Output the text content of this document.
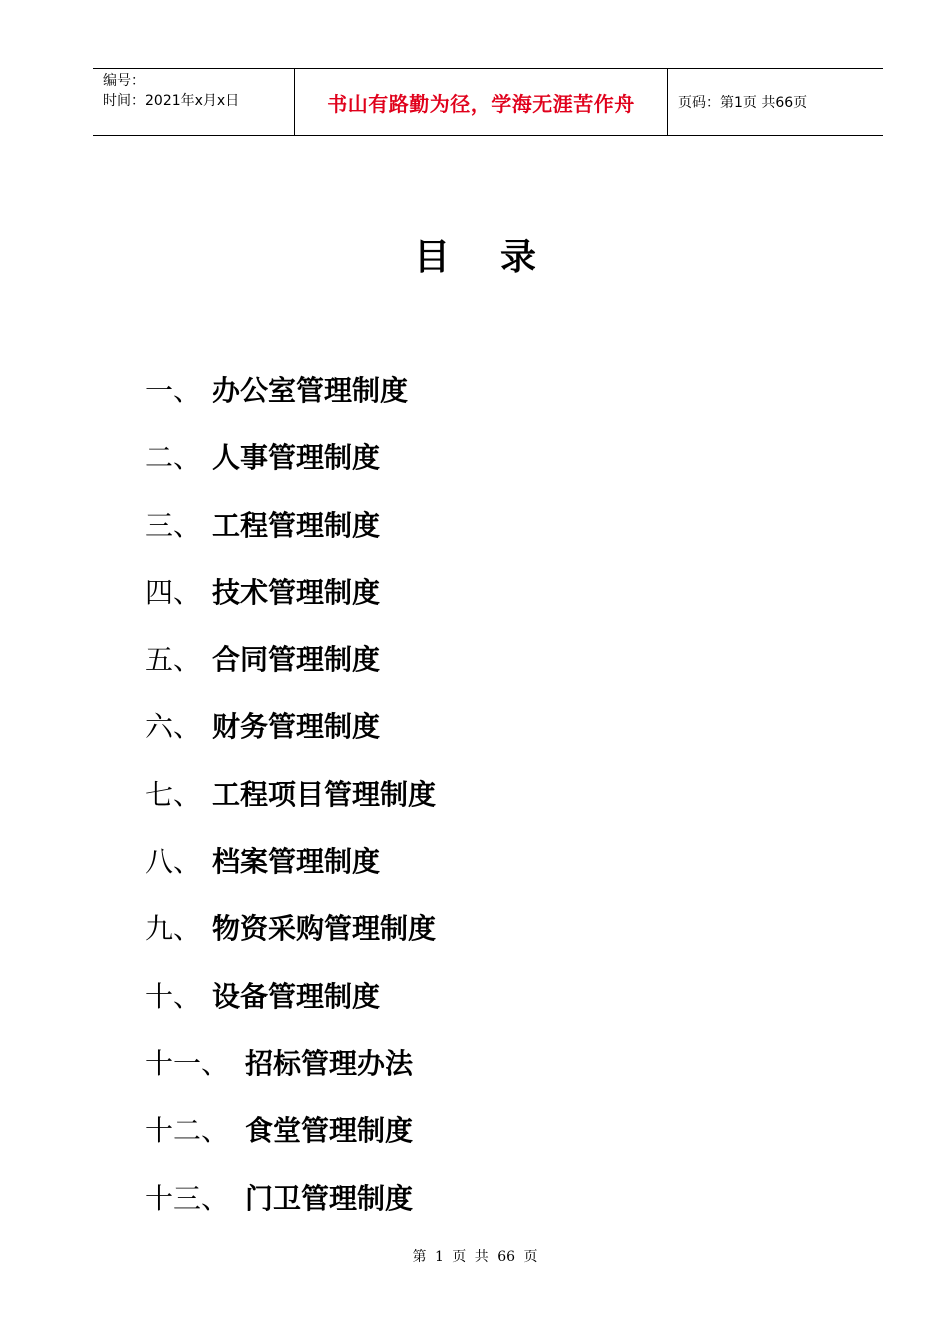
编号：
时间：2021年x月x日	书山有路勤为径，学海无涯苦作舟	页码：第1页 共66页
目录
一、 办公室管理制度
二、 人事管理制度
三、 工程管理制度
四、 技术管理制度
五、 合同管理制度
六、 财务管理制度
七、 工程项目管理制度
八、 档案管理制度
九、 物资采购管理制度
十、 设备管理制度
十一、 招标管理办法
十二、 食堂管理制度
十三、 门卫管理制度
第 1 页 共 66 页
